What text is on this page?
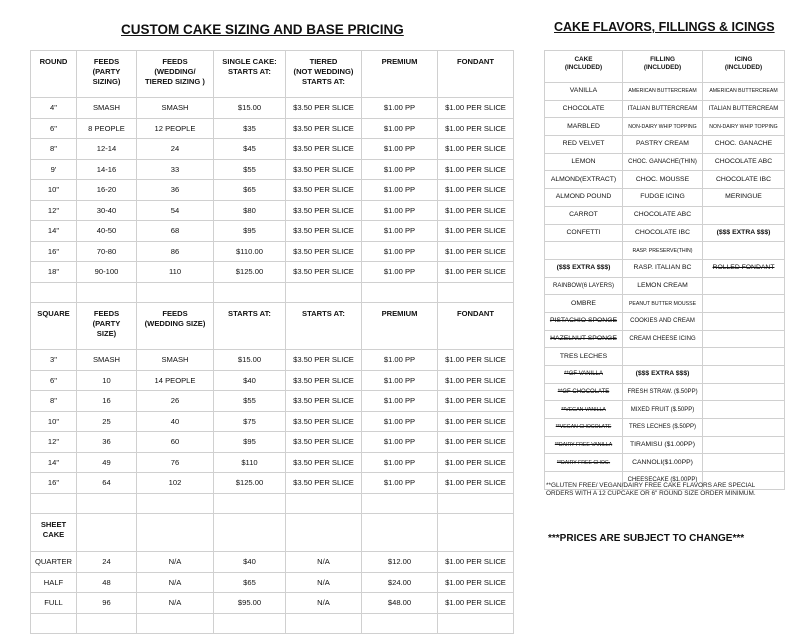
CUSTOM CAKE SIZING AND BASE PRICING	CAKE FLAVORS, FILLINGS & ICINGS
ROUND	FEEDS
(PARTY
SIZING)	FEEDS
(WEDDING/
TIERED SIZING )	SINGLE CAKE:
STARTS AT:	TIERED
(NOT WEDDING)
STARTS AT:	PREMIUM	FONDANT
4"	SMASH	SMASH	$15.00	$3.50 PER SLICE	$1.00 PP	$1.00 PER SLICE
6"	8 PEOPLE	12 PEOPLE	$35	$3.50 PER SLICE	$1.00 PP	$1.00 PER SLICE
8"	12-14	24	$45	$3.50 PER SLICE	$1.00 PP	$1.00 PER SLICE
9'	14-16	33	$55	$3.50 PER SLICE	$1.00 PP	$1.00 PER SLICE
10"	16-20	36	$65	$3.50 PER SLICE	$1.00 PP	$1.00 PER SLICE
12"	30-40	54	$80	$3.50 PER SLICE	$1.00 PP	$1.00 PER SLICE
14"	40-50	68	$95	$3.50 PER SLICE	$1.00 PP	$1.00 PER SLICE
16"	70-80	86	$110.00	$3.50 PER SLICE	$1.00 PP	$1.00 PER SLICE
18"	90-100	110	$125.00	$3.50 PER SLICE	$1.00 PP	$1.00 PER SLICE

SQUARE	FEEDS
(PARTY
SIZE)	FEEDS
(WEDDING SIZE)	STARTS AT:	STARTS AT:	PREMIUM	FONDANT
3"	SMASH	SMASH	$15.00	$3.50 PER SLICE	$1.00 PP	$1.00 PER SLICE
6"	10	14 PEOPLE	$40	$3.50 PER SLICE	$1.00 PP	$1.00 PER SLICE
8"	16	26	$55	$3.50 PER SLICE	$1.00 PP	$1.00 PER SLICE
10"	25	40	$75	$3.50 PER SLICE	$1.00 PP	$1.00 PER SLICE
12"	36	60	$95	$3.50 PER SLICE	$1.00 PP	$1.00 PER SLICE
14"	49	76	$110	$3.50 PER SLICE	$1.00 PP	$1.00 PER SLICE
16"	64	102	$125.00	$3.50 PER SLICE	$1.00 PP	$1.00 PER SLICE

SHEET
CAKE						
QUARTER	24	N/A	$40	N/A	$12.00	$1.00 PER SLICE
HALF	48	N/A	$65	N/A	$24.00	$1.00 PER SLICE
FULL	96	N/A	$95.00	N/A	$48.00	$1.00 PER SLICE

CAKE
(INCLUDED)	FILLING
(INCLUDED)	ICING
(INCLUDED)
VANILLA	AMERICAN BUTTERCREAM	AMERICAN BUTTERCREAM
CHOCOLATE	ITALIAN BUTTERCREAM	ITALIAN BUTTERCREAM
MARBLED	NON-DAIRY WHIP TOPPING	NON-DAIRY WHIP TOPPING
RED VELVET	PASTRY CREAM	CHOC. GANACHE
LEMON	CHOC. GANACHE(THIN)	CHOCOLATE ABC
ALMOND(EXTRACT)	CHOC. MOUSSE	CHOCOLATE IBC
ALMOND POUND	FUDGE ICING	MERINGUE
CARROT	CHOCOLATE ABC	
CONFETTI	CHOCOLATE IBC	($$$ EXTRA $$$)
	RASP. PRESERVE(THIN)	
($$$ EXTRA $$$)	RASP. ITALIAN BC	ROLLED FONDANT
RAINBOW(6 LAYERS)	LEMON CREAM	
OMBRE	PEANUT BUTTER MOUSSE	
PISTACHIO SPONGE	COOKIES AND CREAM	
HAZELNUT SPONGE	CREAM CHEESE ICING	
TRES LECHES		
**GF VANILLA	($$$ EXTRA $$$)	
**GF CHOCOLATE	FRESH STRAW. ($.50PP)	
**VEGAN VANILLA	MIXED FRUIT ($.50PP)	
**VEGAN CHOCOLATE	TRES LECHES ($.50PP)	
**DAIRY FREE VANILLA	TIRAMISU ($1.00PP)	
**DAIRY FREE CHOC.	CANNOLI($1.00PP)	
	CHEESECAKE ($1.00PP)	
**GLUTEN FREE/ VEGAN/DAIRY FREE CAKE FLAVORS ARE SPECIAL ORDERS WITH A 12 CUPCAKE OR 6" ROUND SIZE ORDER MINIMUM.
***PRICES ARE SUBJECT TO CHANGE***
